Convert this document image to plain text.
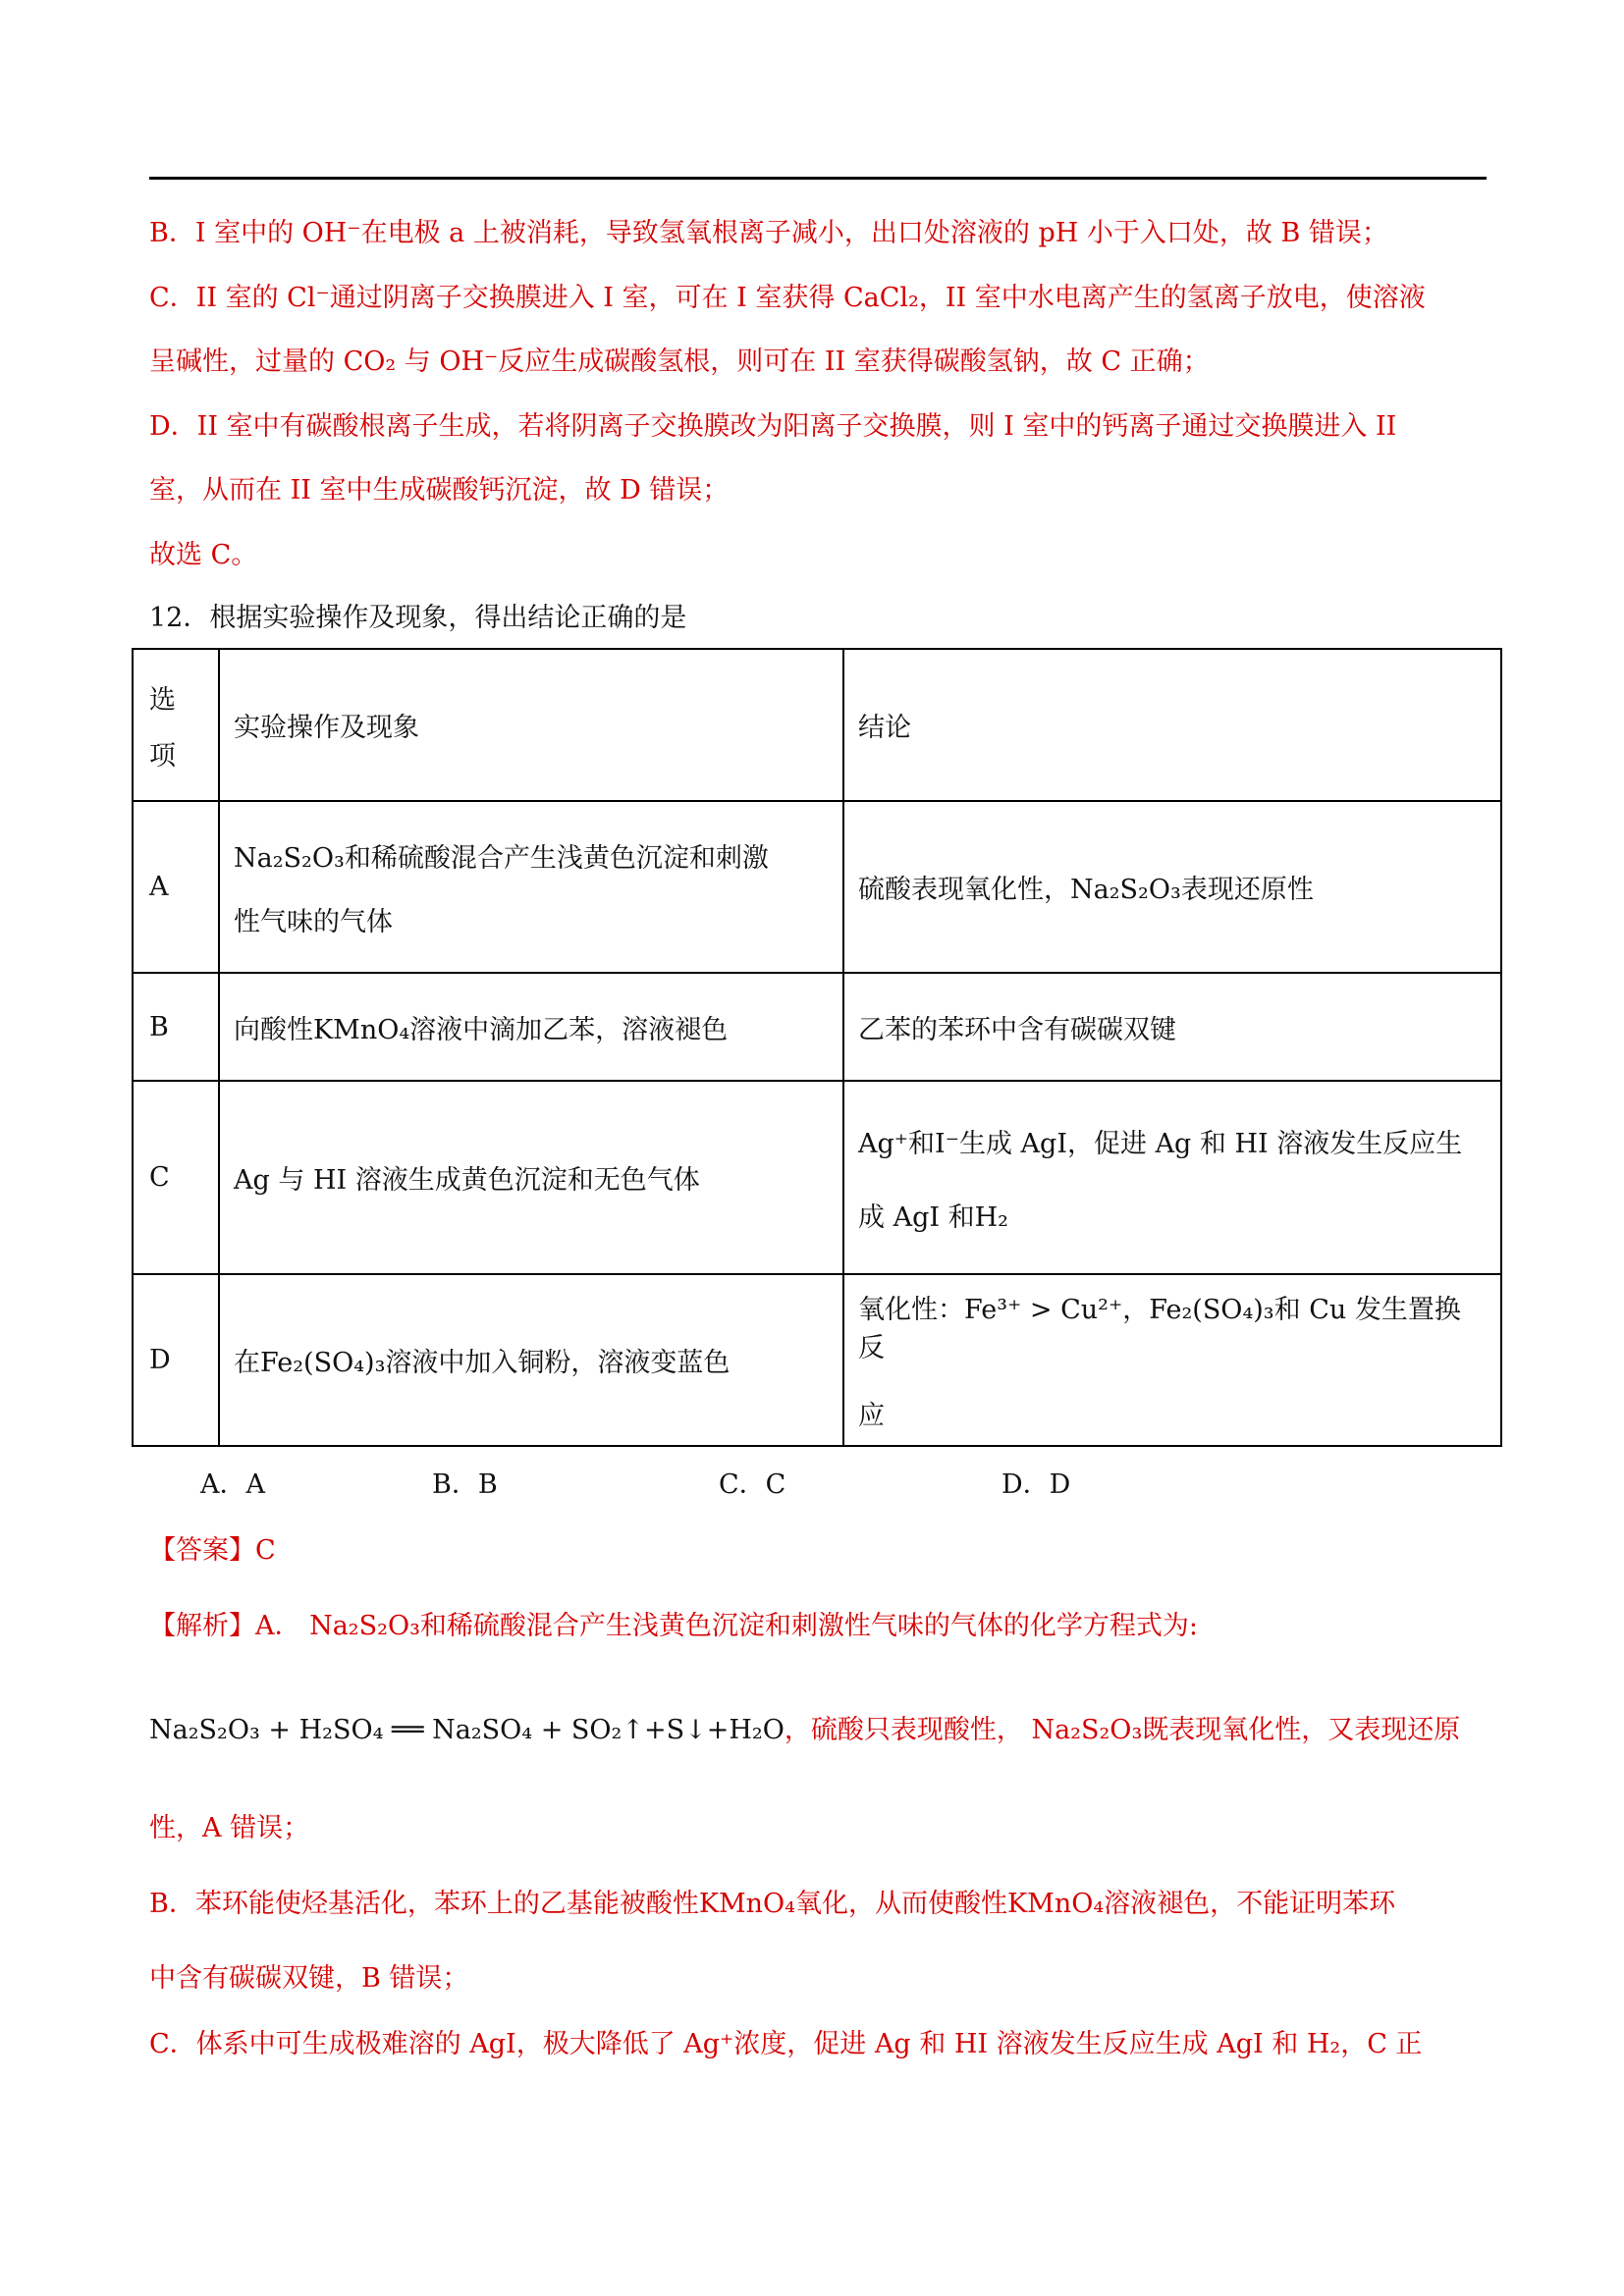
B．I 室中的 OH⁻在电极 a 上被消耗，导致氢氧根离子减小，出口处溶液的 pH 小于入口处，故 B 错误；
C．II 室的 Cl⁻通过阴离子交换膜进入 I 室，可在 I 室获得 CaCl₂，II 室中水电离产生的氢离子放电，使溶液
呈碱性，过量的 CO₂ 与 OH⁻反应生成碳酸氢根，则可在 II 室获得碳酸氢钠，故 C 正确；
D．II 室中有碳酸根离子生成，若将阴离子交换膜改为阳离子交换膜，则 I 室中的钙离子通过交换膜进入 II
室，从而在 II 室中生成碳酸钙沉淀，故 D 错误；
故选 C。
12．根据实验操作及现象，得出结论正确的是
选
项	实验操作及现象	结论
A	Na₂S₂O₃和稀硫酸混合产生浅黄色沉淀和刺激
性气味的气体	硫酸表现氧化性，Na₂S₂O₃表现还原性
B	向酸性KMnO₄溶液中滴加乙苯，溶液褪色	乙苯的苯环中含有碳碳双键
C	Ag 与 HI 溶液生成黄色沉淀和无色气体	Ag⁺和I⁻生成 AgI，促进 Ag 和 HI 溶液发生反应生
成 AgI 和H₂

D	在Fe₂(SO₄)₃溶液中加入铜粉，溶液变蓝色	氧化性：Fe³⁺ > Cu²⁺，Fe₂(SO₄)₃和 Cu 发生置换反
应
A．A	B．B	C．C	D．D
【答案】C
【解析】A． Na₂S₂O₃和稀硫酸混合产生浅黄色沉淀和刺激性气味的气体的化学方程式为:
Na₂S₂O₃ + H₂SO₄ ══ Na₂SO₄ + SO₂↑+S↓+H₂O，硫酸只表现酸性， Na₂S₂O₃既表现氧化性，又表现还原
性，A 错误；
B．苯环能使烃基活化，苯环上的乙基能被酸性KMnO₄氧化，从而使酸性KMnO₄溶液褪色，不能证明苯环
中含有碳碳双键，B 错误；
C．体系中可生成极难溶的 AgI，极大降低了 Ag⁺浓度，促进 Ag 和 HI 溶液发生反应生成 AgI 和 H₂，C 正
